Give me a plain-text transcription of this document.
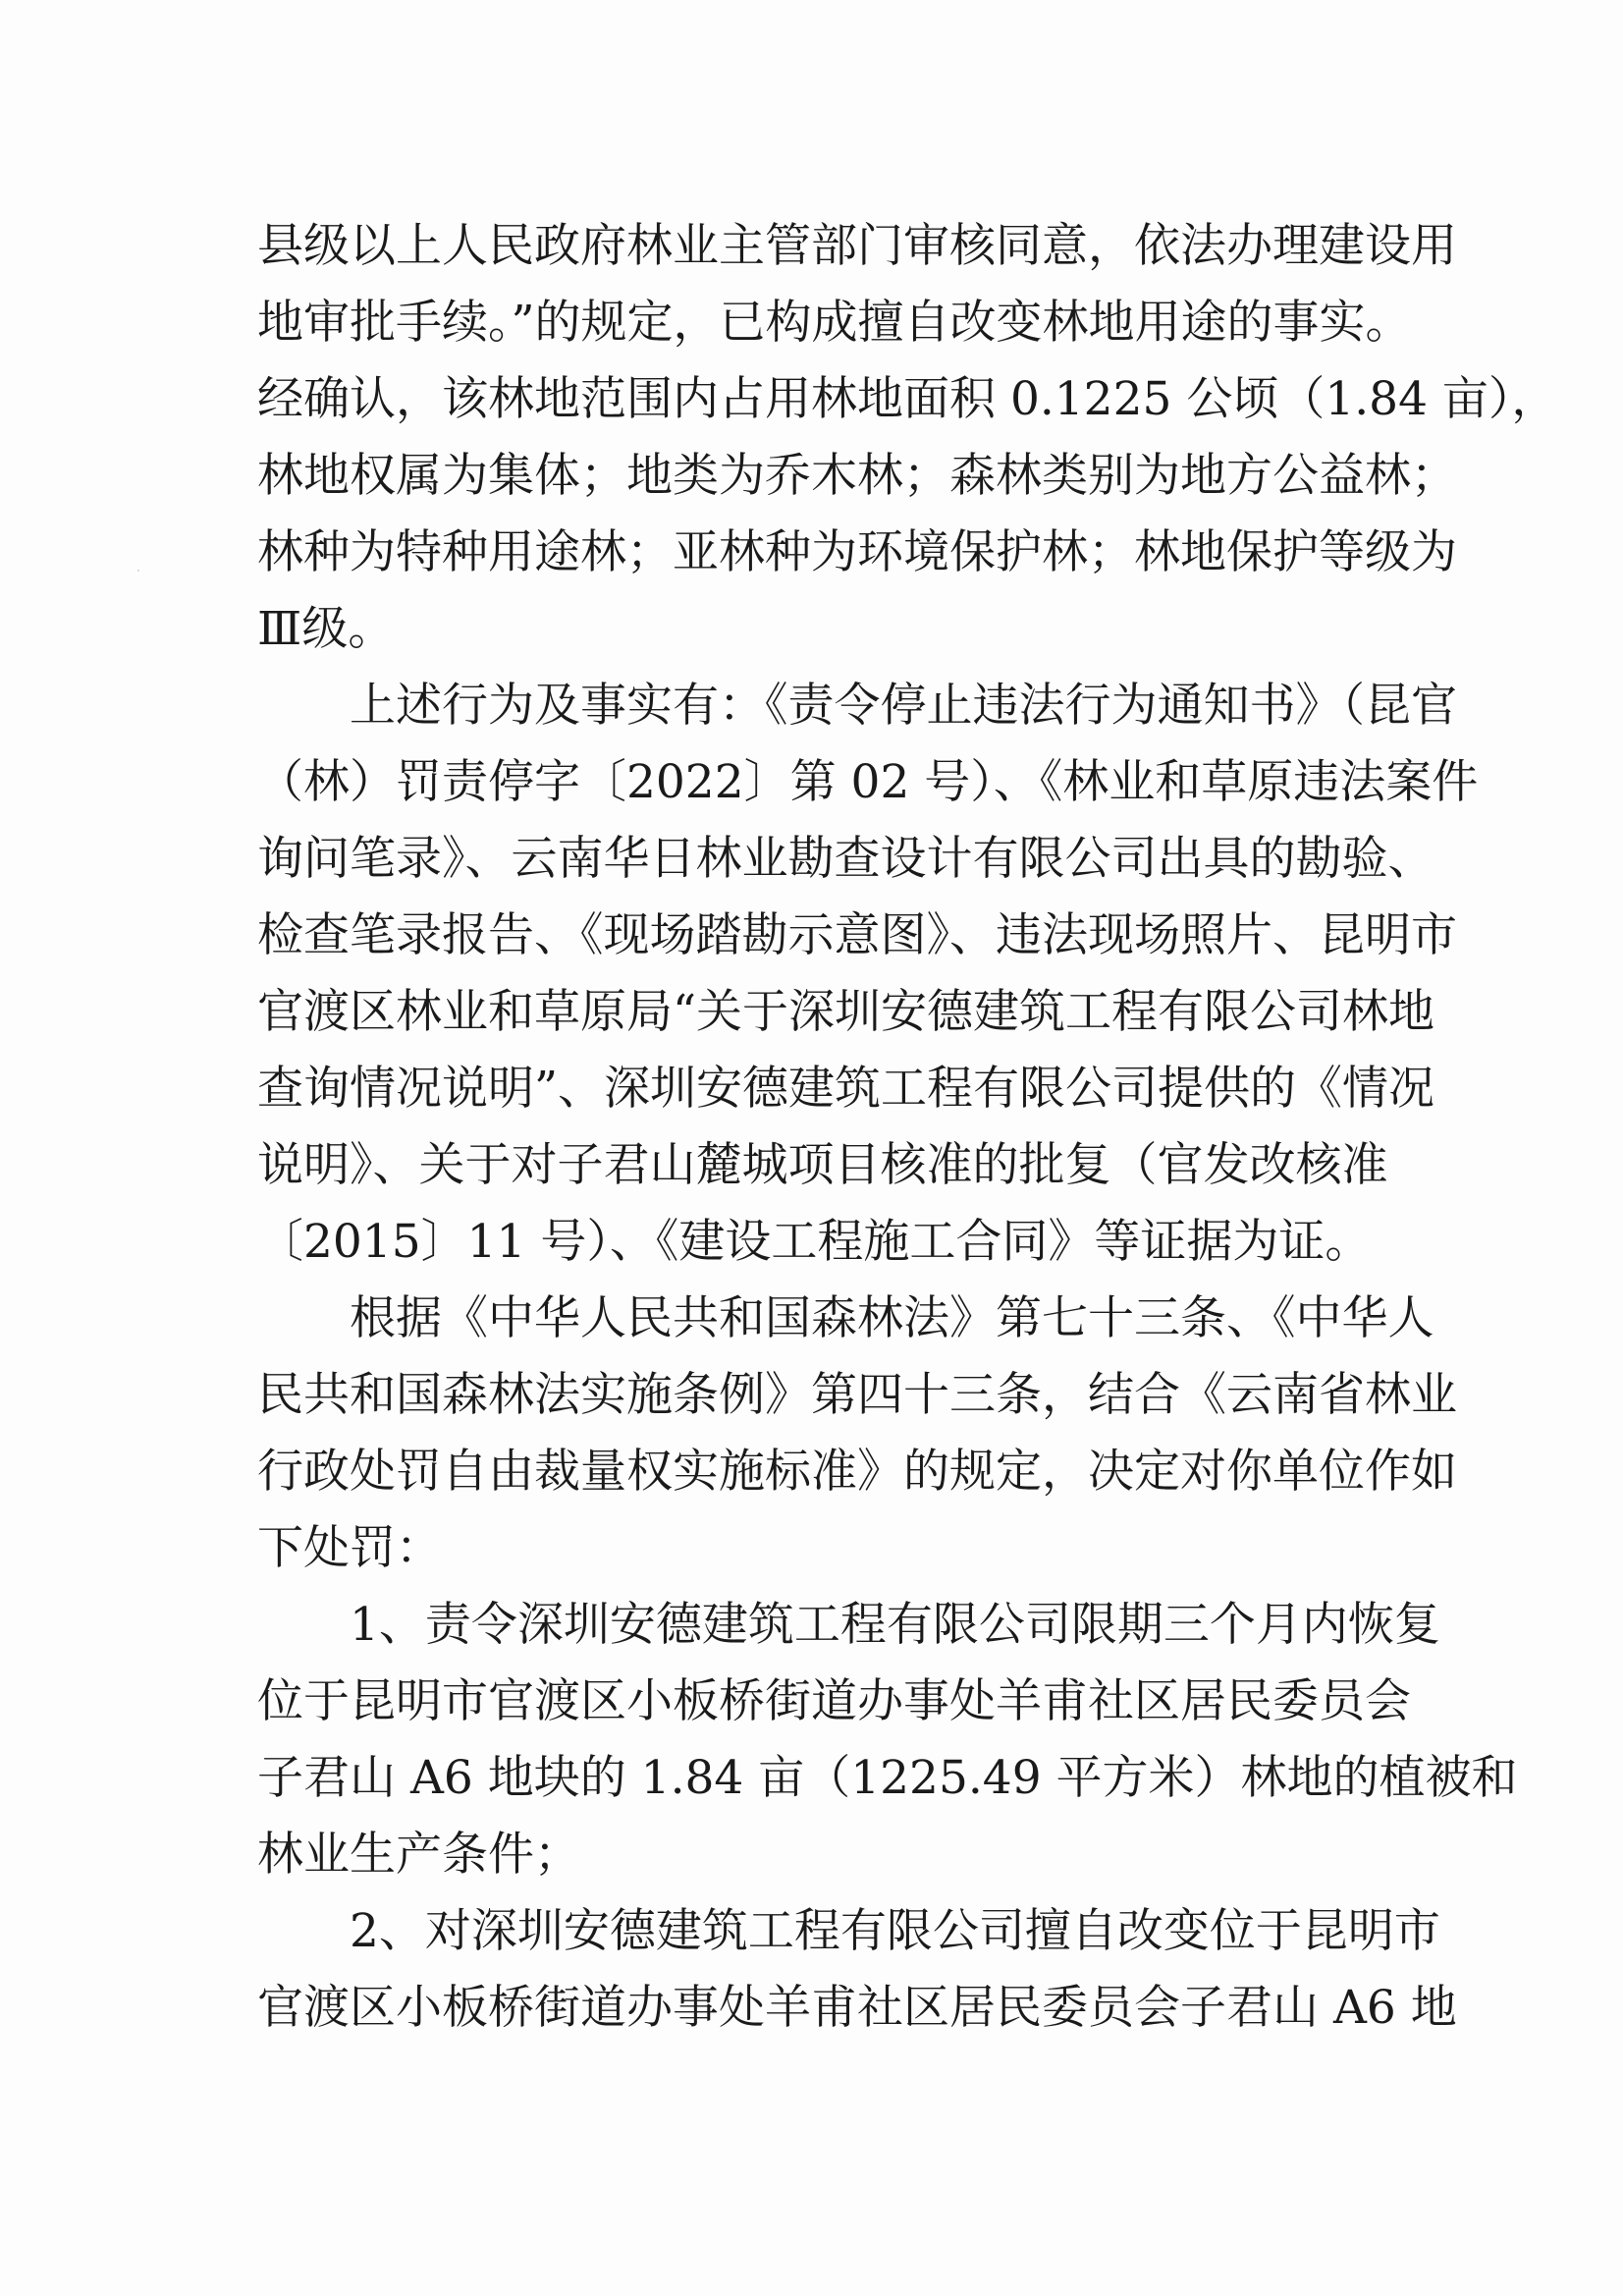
县级以上人民政府林业主管部门审核同意，依法办理建设用
地审批手续。”的规定，已构成擅自改变林地用途的事实。
经确认，该林地范围内占用林地面积 0.1225 公顷（1.84 亩），
林地权属为集体；地类为乔木林；森林类别为地方公益林；
林种为特种用途林；亚林种为环境保护林；林地保护等级为
Ⅲ级。
上述行为及事实有：《责令停止违法行为通知书》（昆官
（林）罚责停字〔2022〕第 02 号）、《林业和草原违法案件
询问笔录》、云南华日林业勘查设计有限公司出具的勘验、
检查笔录报告、《现场踏勘示意图》、违法现场照片、昆明市
官渡区林业和草原局“关于深圳安德建筑工程有限公司林地
查询情况说明”、深圳安德建筑工程有限公司提供的《情况
说明》、关于对子君山麓城项目核准的批复（官发改核准
〔2015〕11 号）、《建设工程施工合同》等证据为证。
根据《中华人民共和国森林法》第七十三条、《中华人
民共和国森林法实施条例》第四十三条，结合《云南省林业
行政处罚自由裁量权实施标准》的规定，决定对你单位作如
下处罚：
1、责令深圳安德建筑工程有限公司限期三个月内恢复
位于昆明市官渡区小板桥街道办事处羊甫社区居民委员会
子君山 A6 地块的 1.84 亩（1225.49 平方米）林地的植被和
林业生产条件；
2、对深圳安德建筑工程有限公司擅自改变位于昆明市
官渡区小板桥街道办事处羊甫社区居民委员会子君山 A6 地
